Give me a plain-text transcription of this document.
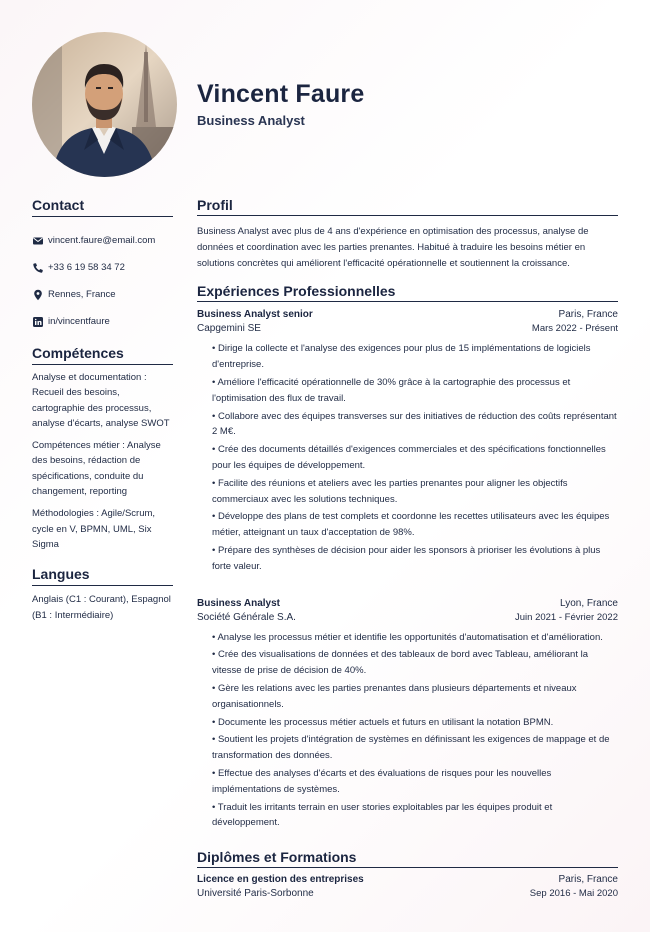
Vincent Faure
Business Analyst
Contact
vincent.faure@email.com
+33 6 19 58 34 72
Rennes, France
in/vincentfaure
Compétences
Analyse et documentation : Recueil des besoins, cartographie des processus, analyse d'écarts, analyse SWOT
Compétences métier : Analyse des besoins, rédaction de spécifications, conduite du changement, reporting
Méthodologies : Agile/Scrum, cycle en V, BPMN, UML, Six Sigma
Langues
Anglais (C1 : Courant), Espagnol (B1 : Intermédiaire)
Profil

Business Analyst avec plus de 4 ans d'expérience en optimisation des processus, analyse de données et coordination avec les parties prenantes. Habitué à traduire les besoins métier en solutions concrètes qui améliorent l'efficacité opérationnelle et soutiennent la croissance.

Expériences Professionnelles
Business Analyst senior	Paris, France
Capgemini SE	Mars 2022 - Présent
• Dirige la collecte et l'analyse des exigences pour plus de 15 implémentations de logiciels d'entreprise.
• Améliore l'efficacité opérationnelle de 30% grâce à la cartographie des processus et l'optimisation des flux de travail.
• Collabore avec des équipes transverses sur des initiatives de réduction des coûts représentant 2 M€.
• Crée des documents détaillés d'exigences commerciales et des spécifications fonctionnelles pour les équipes de développement.
• Facilite des réunions et ateliers avec les parties prenantes pour aligner les objectifs commerciaux avec les solutions techniques.
• Développe des plans de test complets et coordonne les recettes utilisateurs avec les équipes métier, atteignant un taux d'acceptation de 98%.
• Prépare des synthèses de décision pour aider les sponsors à prioriser les évolutions à plus forte valeur.
Business Analyst	Lyon, France
Société Générale S.A.	Juin 2021 - Février 2022
• Analyse les processus métier et identifie les opportunités d'automatisation et d'amélioration.
• Crée des visualisations de données et des tableaux de bord avec Tableau, améliorant la vitesse de prise de décision de 40%.
• Gère les relations avec les parties prenantes dans plusieurs départements et niveaux organisationnels.
• Documente les processus métier actuels et futurs en utilisant la notation BPMN.
• Soutient les projets d'intégration de systèmes en définissant les exigences de mappage et de transformation des données.
• Effectue des analyses d'écarts et des évaluations de risques pour les nouvelles implémentations de systèmes.
• Traduit les irritants terrain en user stories exploitables par les équipes produit et développement.
Diplômes et Formations
Licence en gestion des entreprises	Paris, France
Université Paris-Sorbonne	Sep 2016 - Mai 2020
